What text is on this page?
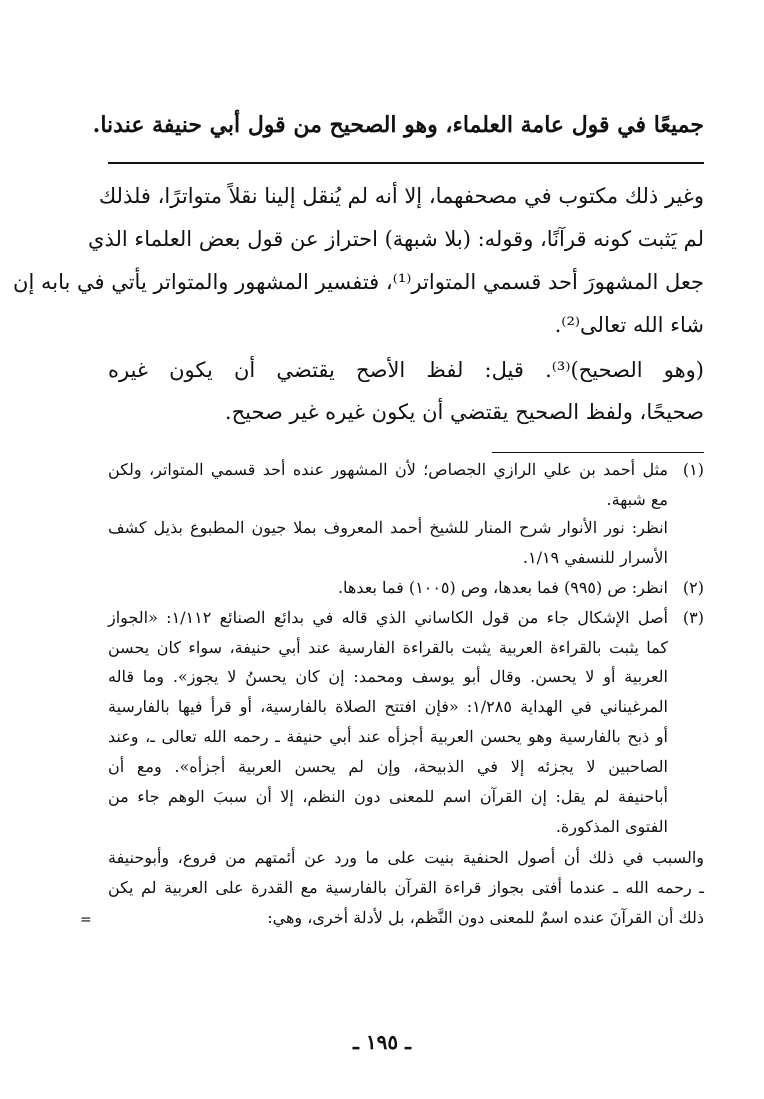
جميعًا في قول عامة العلماء، وهو الصحيح من قول أبي حنيفة عندنا.
وغير ذلك مكتوب في مصحفهما، إلا أنه لم يُنقل إلينا نقلاً متواترًا، فلذلك
لم يَثبت كونه قرآنًا، وقوله: (بلا شبهة) احتراز عن قول بعض العلماء الذي
جعل المشهورَ أحد قسمي المتواتر⁽¹⁾، فتفسير المشهور والمتواتر يأتي في بابه إن
شاء الله تعالى⁽²⁾.
(وهو الصحيح)⁽³⁾. قيل: لفظ الأصح يقتضي أن يكون غيره
صحيحًا، ولفظ الصحيح يقتضي أن يكون غيره غير صحيح.
(١)
مثل أحمد بن علي الرازي الجصاص؛ لأن المشهور عنده أحد قسمي المتواتر، ولكن
مع شبهة.
انظر: نور الأنوار شرح المنار للشيخ أحمد المعروف بملا جيون المطبوع بذيل كشف
الأسرار للنسفي ١/١٩.
(٢)
انظر: ص (٩٩٥) فما بعدها، وص (١٠٠٥) فما بعدها.
(٣)
أصل الإشكال جاء من قول الكاساني الذي قاله في بدائع الصنائع ١/١١٢: «الجواز
كما يثبت بالقراءة العربية يثبت بالقراءة الفارسية عند أبي حنيفة، سواء كان يحسن
العربية أو لا يحسن. وقال أبو يوسف ومحمد: إن كان يحسنُ لا يجوز». وما قاله
المرغيناني في الهداية ١/٢٨٥: «فإن افتتح الصلاة بالفارسية، أو قرأ فيها بالفارسية
أو ذبح بالفارسية وهو يحسن العربية أجزأه عند أبي حنيفة ـ رحمه الله تعالى ـ، وعند
الصاحبين لا يجزئه إلا في الذبيحة، وإن لم يحسن العربية أجزأه». ومع أن
أباحنيفة لم يقل: إن القرآن اسم للمعنى دون النظم، إلا أن سببَ الوهم جاء من
الفتوى المذكورة.
والسبب في ذلك أن أصول الحنفية بنيت على ما ورد عن أئمتهم من فروع، وأبوحنيفة
ـ رحمه الله ـ عندما أفتى بجواز قراءة القرآن بالفارسية مع القدرة على العربية لم يكن
ذلك أن القرآنَ عنده اسمٌ للمعنى دون النَّظم، بل لأدلة أخرى، وهي:
=
ـ ١٩٥ ـ
